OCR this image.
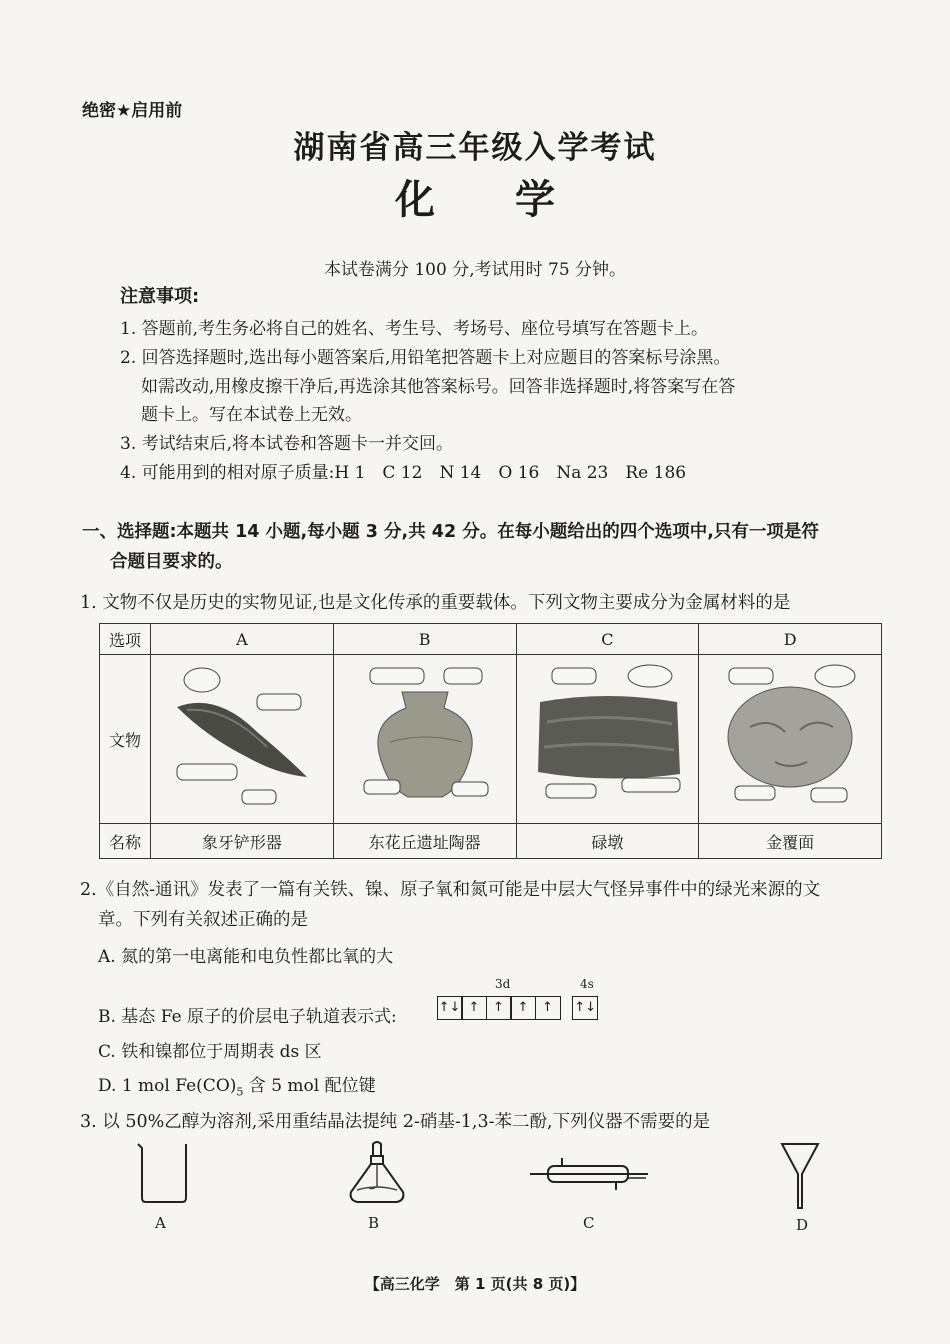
绝密★启用前
湖南省高三年级入学考试
化 学
本试卷满分 100 分,考试用时 75 分钟。
注意事项:
1. 答题前,考生务必将自己的姓名、考生号、考场号、座位号填写在答题卡上。
2. 回答选择题时,选出每小题答案后,用铅笔把答题卡上对应题目的答案标号涂黑。
如需改动,用橡皮擦干净后,再选涂其他答案标号。回答非选择题时,将答案写在答
题卡上。写在本试卷上无效。
3. 考试结束后,将本试卷和答题卡一并交回。
4. 可能用到的相对原子质量:H 1　C 12　N 14　O 16　Na 23　Re 186
一、选择题:本题共 14 小题,每小题 3 分,共 42 分。在每小题给出的四个选项中,只有一项是符
合题目要求的。
1. 文物不仅是历史的实物见证,也是文化传承的重要载体。下列文物主要成分为金属材料的是
选项	A	B	C	D
文物				
名称	象牙铲形器	东花丘遗址陶器	碌墩	金覆面
2.《自然-通讯》发表了一篇有关铁、镍、原子氧和氮可能是中层大气怪异事件中的绿光来源的文
章。下列有关叙述正确的是
A. 氮的第一电离能和电负性都比氧的大
B. 基态 Fe 原子的价层电子轨道表示式:
3d	4s
↑↓ ↑	↑	↑	↑
	↑↓
C. 铁和镍都位于周期表 ds 区
D. 1 mol $Fe(CO)_5$ 含 5 mol 配位键
3. 以 50%乙醇为溶剂,采用重结晶法提纯 2-硝基-1,3-苯二酚,下列仪器不需要的是
A	B	C	D
【高三化学　第 1 页(共 8 页)】
